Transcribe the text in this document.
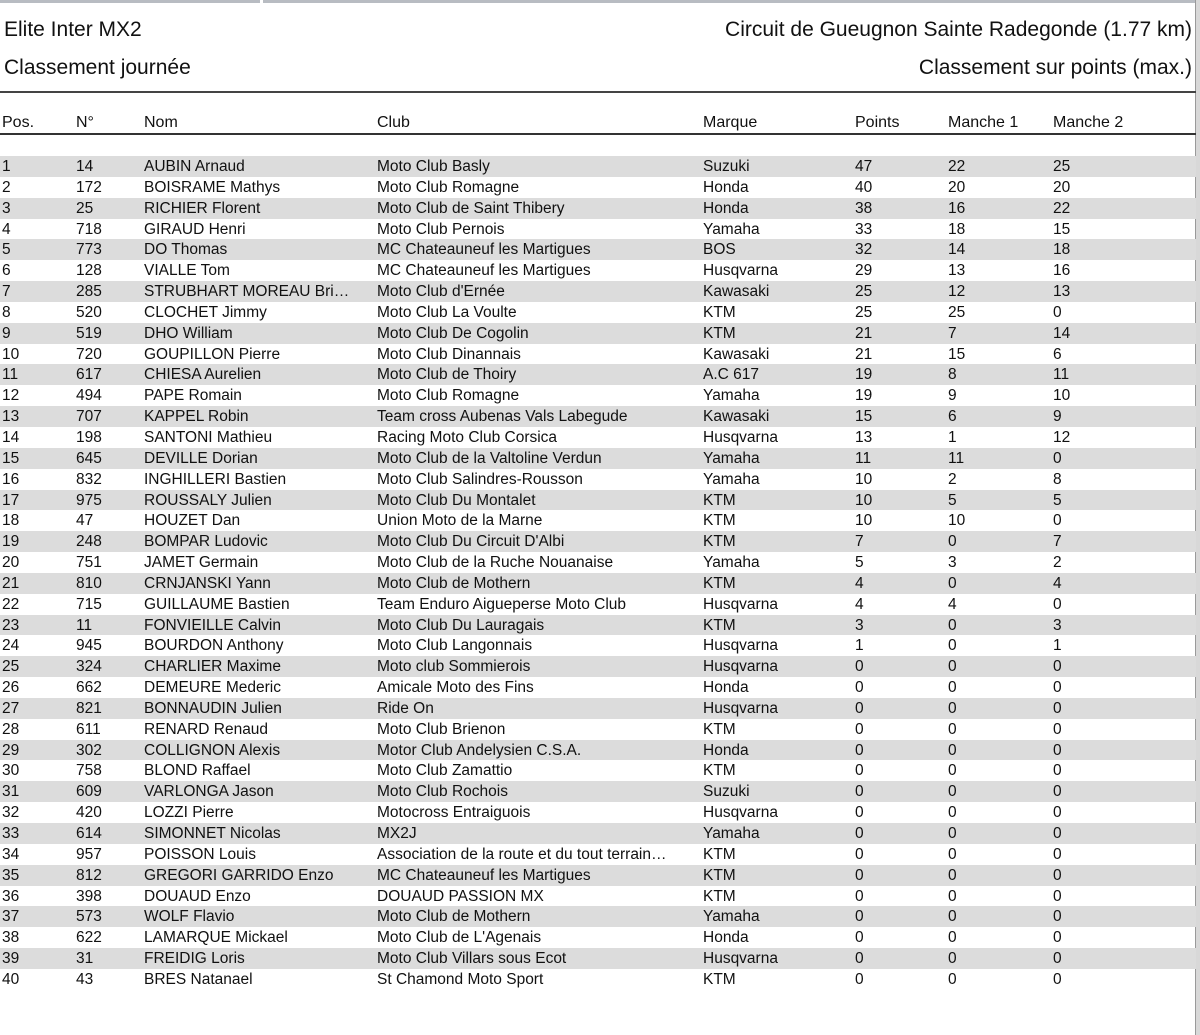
Elite Inter MX2
Classement journée
Circuit de Gueugnon Sainte Radegonde (1.77 km)
Classement sur points (max.)
Pos.	N°	Nom	Club	Marque	Points	Manche 1	Manche 2
1	14	AUBIN Arnaud	Moto Club Basly	Suzuki	47	22	25
2	172	BOISRAME Mathys	Moto Club Romagne	Honda	40	20	20
3	25	RICHIER Florent	Moto Club de Saint Thibery	Honda	38	16	22
4	718	GIRAUD Henri	Moto Club Pernois	Yamaha	33	18	15
5	773	DO Thomas	MC Chateauneuf les Martigues	BOS	32	14	18
6	128	VIALLE Tom	MC Chateauneuf les Martigues	Husqvarna	29	13	16
7	285	STRUBHART MOREAU Bri…	Moto Club d'Ernée	Kawasaki	25	12	13
8	520	CLOCHET Jimmy	Moto Club La Voulte	KTM	25	25	0
9	519	DHO William	Moto Club De Cogolin	KTM	21	7	14
10	720	GOUPILLON Pierre	Moto Club Dinannais	Kawasaki	21	15	6
11	617	CHIESA Aurelien	Moto Club de Thoiry	A.C 617	19	8	11
12	494	PAPE Romain	Moto Club Romagne	Yamaha	19	9	10
13	707	KAPPEL Robin	Team cross Aubenas Vals Labegude	Kawasaki	15	6	9
14	198	SANTONI Mathieu	Racing Moto Club Corsica	Husqvarna	13	1	12
15	645	DEVILLE Dorian	Moto Club de la Valtoline Verdun	Yamaha	11	11	0
16	832	INGHILLERI Bastien	Moto Club Salindres-Rousson	Yamaha	10	2	8
17	975	ROUSSALY Julien	Moto Club Du Montalet	KTM	10	5	5
18	47	HOUZET Dan	Union Moto de la Marne	KTM	10	10	0
19	248	BOMPAR Ludovic	Moto Club Du Circuit D'Albi	KTM	7	0	7
20	751	JAMET Germain	Moto Club de la Ruche Nouanaise	Yamaha	5	3	2
21	810	CRNJANSKI Yann	Moto Club de Mothern	KTM	4	0	4
22	715	GUILLAUME Bastien	Team Enduro Aigueperse Moto Club	Husqvarna	4	4	0
23	11	FONVIEILLE Calvin	Moto Club Du Lauragais	KTM	3	0	3
24	945	BOURDON Anthony	Moto Club Langonnais	Husqvarna	1	0	1
25	324	CHARLIER Maxime	Moto club Sommierois	Husqvarna	0	0	0
26	662	DEMEURE Mederic	Amicale Moto des Fins	Honda	0	0	0
27	821	BONNAUDIN Julien	Ride On	Husqvarna	0	0	0
28	611	RENARD Renaud	Moto Club Brienon	KTM	0	0	0
29	302	COLLIGNON Alexis	Motor Club Andelysien C.S.A.	Honda	0	0	0
30	758	BLOND Raffael	Moto Club Zamattio	KTM	0	0	0
31	609	VARLONGA Jason	Moto Club Rochois	Suzuki	0	0	0
32	420	LOZZI Pierre	Motocross Entraiguois	Husqvarna	0	0	0
33	614	SIMONNET Nicolas	MX2J	Yamaha	0	0	0
34	957	POISSON Louis	Association de la route et du tout terrain…	KTM	0	0	0
35	812	GREGORI GARRIDO Enzo	MC Chateauneuf les Martigues	KTM	0	0	0
36	398	DOUAUD Enzo	DOUAUD PASSION MX	KTM	0	0	0
37	573	WOLF Flavio	Moto Club de Mothern	Yamaha	0	0	0
38	622	LAMARQUE Mickael	Moto Club de L'Agenais	Honda	0	0	0
39	31	FREIDIG Loris	Moto Club Villars sous Ecot	Husqvarna	0	0	0
40	43	BRES Natanael	St Chamond Moto Sport	KTM	0	0	0
